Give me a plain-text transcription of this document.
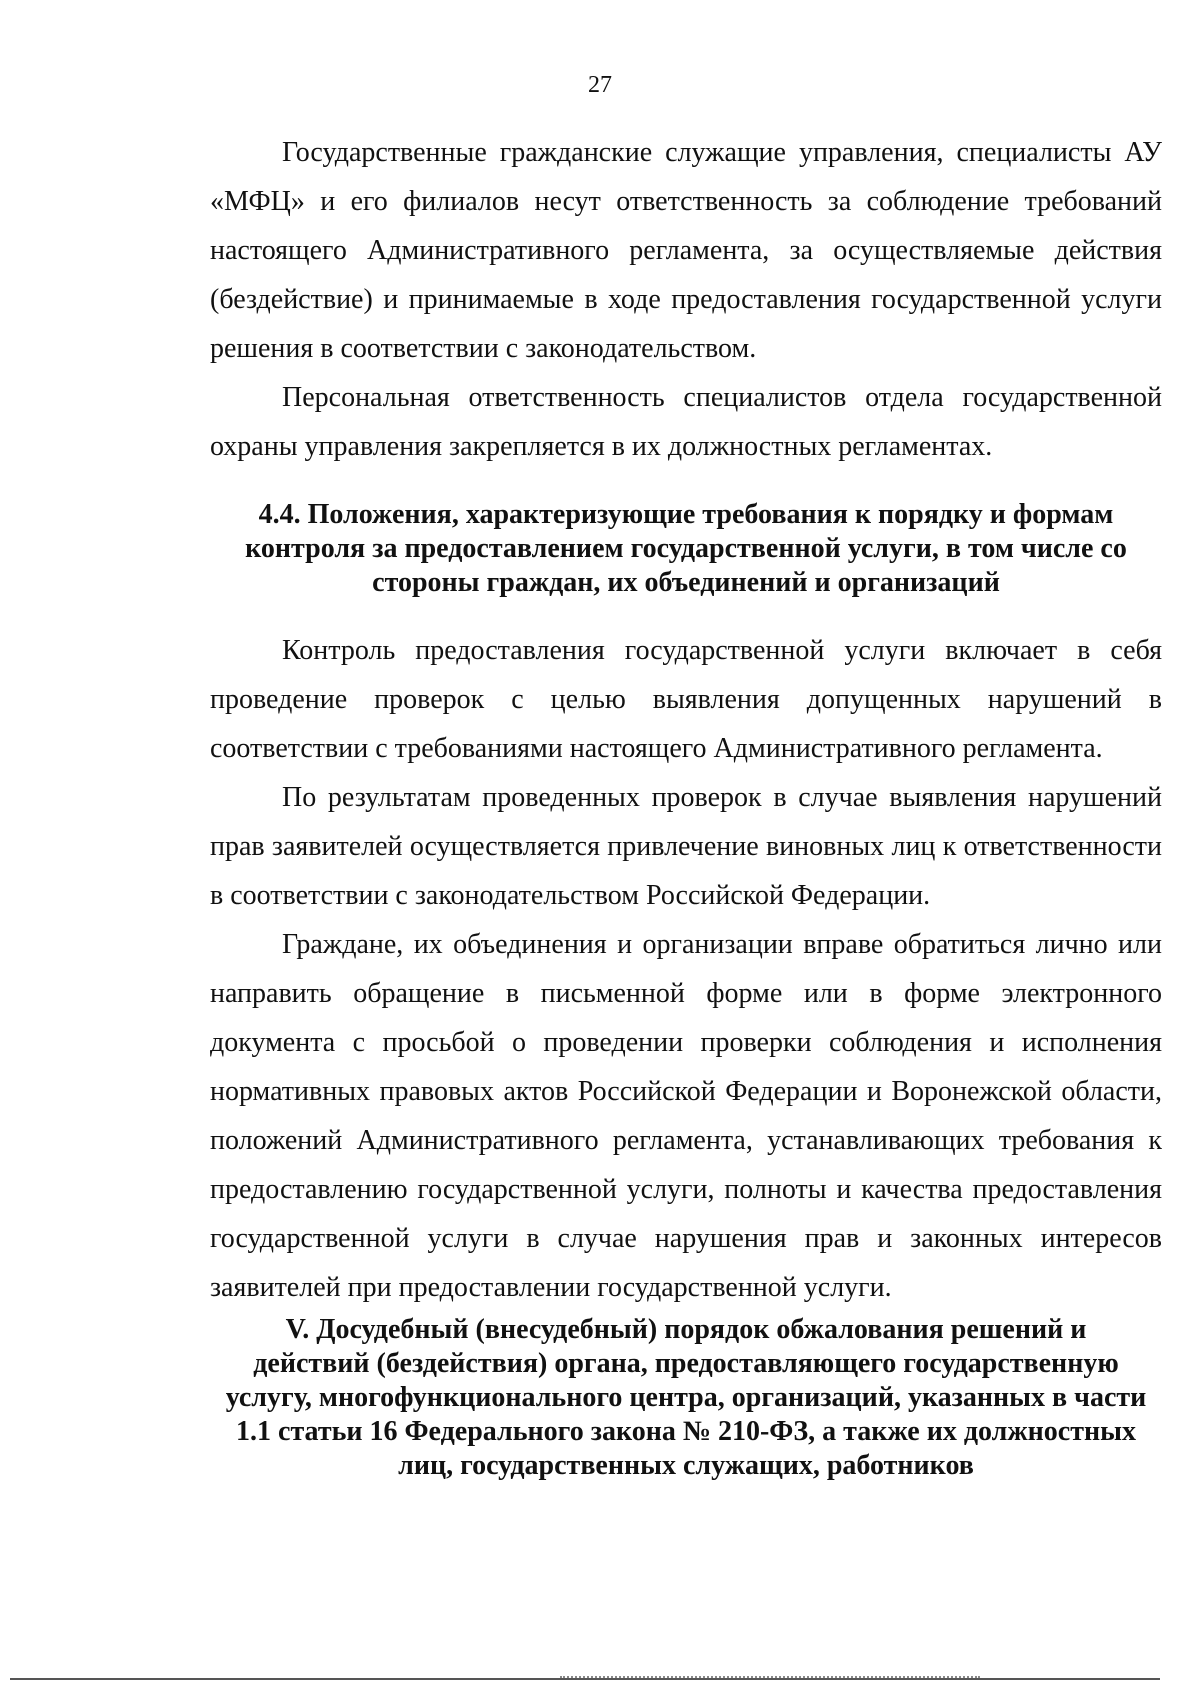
27

Государственные гражданские служащие управления, специалисты АУ «МФЦ» и его филиалов несут ответственность за соблюдение требований настоящего Административного регламента, за осуществляемые действия (бездействие) и принимаемые в ходе предоставления государственной услуги решения в соответствии с законодательством.

Персональная ответственность специалистов отдела государственной охраны управления закрепляется в их должностных регламентах.

4.4. Положения, характеризующие требования к порядку и формам

контроля за предоставлением государственной услуги, в том числе со

стороны граждан, их объединений и организаций

Контроль предоставления государственной услуги включает в себя проведение проверок с целью выявления допущенных нарушений в соответствии с требованиями настоящего Административного регламента.

По результатам проведенных проверок в случае выявления нарушений прав заявителей осуществляется привлечение виновных лиц к ответственности в соответствии с законодательством Российской Федерации.

Граждане, их объединения и организации вправе обратиться лично или направить обращение в письменной форме или в форме электронного документа с просьбой о проведении проверки соблюдения и исполнения нормативных правовых актов Российской Федерации и Воронежской области, положений Административного регламента, устанавливающих требования к предоставлению государственной услуги, полноты и качества предоставления государственной услуги в случае нарушения прав и законных интересов заявителей при предоставлении государственной услуги.

V. Досудебный (внесудебный) порядок обжалования решений и

действий (бездействия) органа, предоставляющего государственную

услугу, многофункционального центра, организаций, указанных в части

1.1 статьи 16 Федерального закона № 210-ФЗ, а также их должностных

лиц, государственных служащих, работников
